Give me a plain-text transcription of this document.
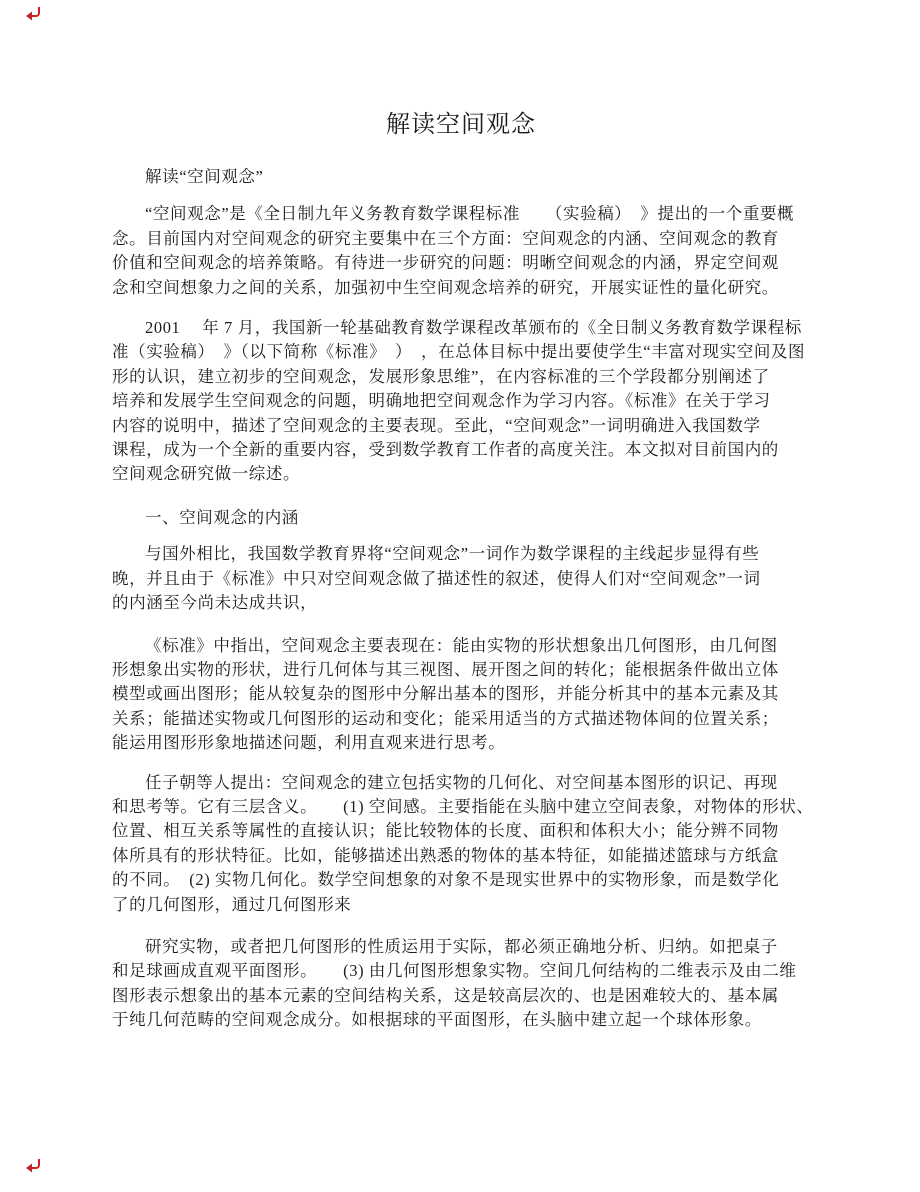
解读空间观念
解读“空间观念”
“空间观念”是《全日制九年义务教育数学课程标准　　（实验稿）　》提出的一个重要概
念。目前国内对空间观念的研究主要集中在三个方面：空间观念的内涵、空间观念的教育
价值和空间观念的培养策略。有待进一步研究的问题：明晰空间观念的内涵，界定空间观
念和空间想象力之间的关系，加强初中生空间观念培养的研究，开展实证性的量化研究。
2001　 年 7 月，我国新一轮基础教育数学课程改革颁布的《全日制义务教育数学课程标
准（实验稿）　》（以下简称《标准》　）　，在总体目标中提出要使学生“丰富对现实空间及图
形的认识，建立初步的空间观念，发展形象思维”，在内容标准的三个学段都分别阐述了
培养和发展学生空间观念的问题，明确地把空间观念作为学习内容。《标准》在关于学习
内容的说明中，描述了空间观念的主要表现。至此，“空间观念”一词明确进入我国数学
课程，成为一个全新的重要内容，受到数学教育工作者的高度关注。本文拟对目前国内的
空间观念研究做一综述。
一、空间观念的内涵
与国外相比，我国数学教育界将“空间观念”一词作为数学课程的主线起步显得有些
晚，并且由于《标准》中只对空间观念做了描述性的叙述，使得人们对“空间观念”一词
的内涵至今尚未达成共识，
《标准》中指出，空间观念主要表现在：能由实物的形状想象出几何图形，由几何图
形想象出实物的形状，进行几何体与其三视图、展开图之间的转化；能根据条件做出立体
模型或画出图形；能从较复杂的图形中分解出基本的图形，并能分析其中的基本元素及其
关系；能描述实物或几何图形的运动和变化；能采用适当的方式描述物体间的位置关系；
能运用图形形象地描述问题，利用直观来进行思考。
任子朝等人提出：空间观念的建立包括实物的几何化、对空间基本图形的识记、再现
和思考等。它有三层含义。　　(1) 空间感。主要指能在头脑中建立空间表象，对物体的形状、
位置、相互关系等属性的直接认识；能比较物体的长度、面积和体积大小；能分辨不同物
体所具有的形状特征。比如，能够描述出熟悉的物体的基本特征，如能描述篮球与方纸盒
的不同。　(2) 实物几何化。数学空间想象的对象不是现实世界中的实物形象，而是数学化
了的几何图形，通过几何图形来
研究实物，或者把几何图形的性质运用于实际，都必须正确地分析、归纳。如把桌子
和足球画成直观平面图形。　　(3) 由几何图形想象实物。空间几何结构的二维表示及由二维
图形表示想象出的基本元素的空间结构关系，这是较高层次的、也是困难较大的、基本属
于纯几何范畴的空间观念成分。如根据球的平面图形，在头脑中建立起一个球体形象。
